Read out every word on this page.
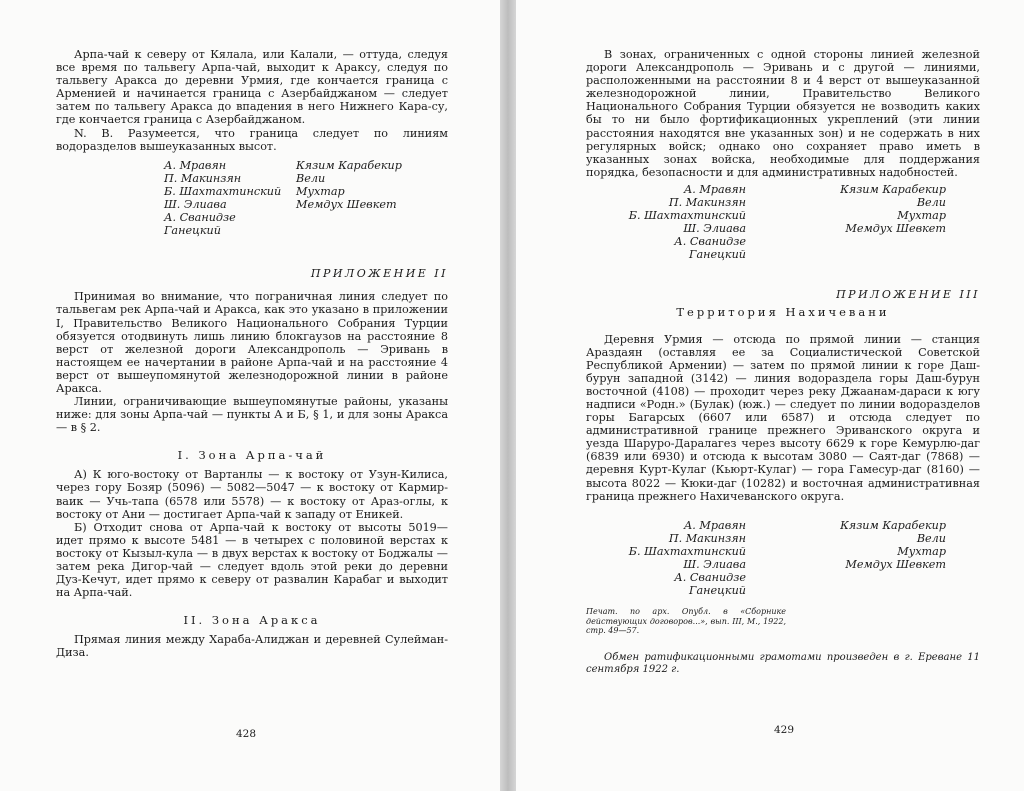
Арпа-чай к северу от Кялала, или Калали, — оттуда, следуя все время по тальвегу Арпа-чай, выходит к Араксу, следуя по тальвегу Аракса до деревни Урмия, где кончается граница с Арменией и начинается граница с Азербайджаном — следует затем по тальвегу Аракса до впадения в него Нижнего Кара-су, где кончается граница с Азербайджаном.

N. B. Разумеется, что граница следует по линиям водоразделов вышеуказанных высот.

А. Мравян
П. Макинзян
Б. Шахтахтинский
Ш. Элиава
А. Сванидзе
Ганецкий
Кязим Карабекир
Вели
Мухтар
Мемдух Шевкет
ПРИЛОЖЕНИЕ II

Принимая во внимание, что пограничная линия следует по тальвегам рек Арпа-чай и Аракса, как это указано в приложении I, Правительство Великого Национального Собрания Турции обязуется отодвинуть лишь линию блокгаузов на расстояние 8 верст от железной дороги Александрополь — Эривань в настоящем ее начертании в районе Арпа-чай и на расстояние 4 верст от вышеупомянутой железнодорожной линии в районе Аракса.

Линии, ограничивающие вышеупомянутые районы, указаны ниже: для зоны Арпа-чай — пункты А и Б, § 1, и для зоны Аракса — в § 2.

I. Зона Арпа-чай

А) К юго-востоку от Вартанлы — к востоку от Узун-Килиса, через гору Бозяр (5096) — 5082—5047 — к востоку от Кармир-ваик — Учь-тапа (6578 или 5578) — к востоку от Араз-оглы, к востоку от Ани — достигает Арпа-чай к западу от Еникей.

Б) Отходит снова от Арпа-чай к востоку от высоты 5019— идет прямо к высоте 5481 — в четырех с половиной верстах к востоку от Кызыл-кула — в двух верстах к востоку от Боджалы — затем река Дигор-чай — следует вдоль этой реки до деревни Дуз-Кечут, идет прямо к северу от развалин Карабаг и выходит на Арпа-чай.

II. Зона Аракса

Прямая линия между Хараба-Алиджан и деревней Сулейман-Диза.

428

В зонах, ограниченных с одной стороны линией железной дороги Александрополь — Эривань и с другой — линиями, расположенными на расстоянии 8 и 4 верст от вышеуказанной железнодорожной линии, Правительство Великого Национального Собрания Турции обязуется не возводить каких бы то ни было фортификационных укреплений (эти линии расстояния находятся вне указанных зон) и не содержать в них регулярных войск; однако оно сохраняет право иметь в указанных зонах войска, необходимые для поддержания порядка, безопасности и для административных надобностей.

А. Мравян
П. Макинзян
Б. Шахтахтинский
Ш. Элиава
А. Сванидзе
Ганецкий
Кязим Карабекир
Вели
Мухтар
Мемдух Шевкет
ПРИЛОЖЕНИЕ III
Территория Нахичевани

Деревня Урмия — отсюда по прямой линии — станция Араздаян (оставляя ее за Социалистической Советской Республикой Армении) — затем по прямой линии к горе Даш-бурун западной (3142) — линия водораздела горы Даш-бурун восточной (4108) — проходит через реку Джаанам-дараси к югу надписи «Родн.» (Булак) (юж.) — следует по линии водоразделов горы Багарсых (6607 или 6587) и отсюда следует по административной границе прежнего Эриванского округа и уезда Шаруро-Даралагез через высоту 6629 к горе Кемурлю-даг (6839 или 6930) и отсюда к высотам 3080 — Саят-даг (7868) — деревня Курт-Кулаг (Кьюрт-Кулаг) — гора Гамесур-даг (8160) — высота 8022 — Кюки-даг (10282) и восточная административная граница прежнего Нахичеванского округа.

А. Мравян
П. Макинзян
Б. Шахтахтинский
Ш. Элиава
А. Сванидзе
Ганецкий
Кязим Карабекир
Вели
Мухтар
Мемдух Шевкет

Печат. по арх. Опубл. в «Сборнике действующих договоров...», вып. III, М., 1922, стр. 49—57.

Обмен ратификационными грамотами произведен в г. Ереване 11 сентября 1922 г.

429
